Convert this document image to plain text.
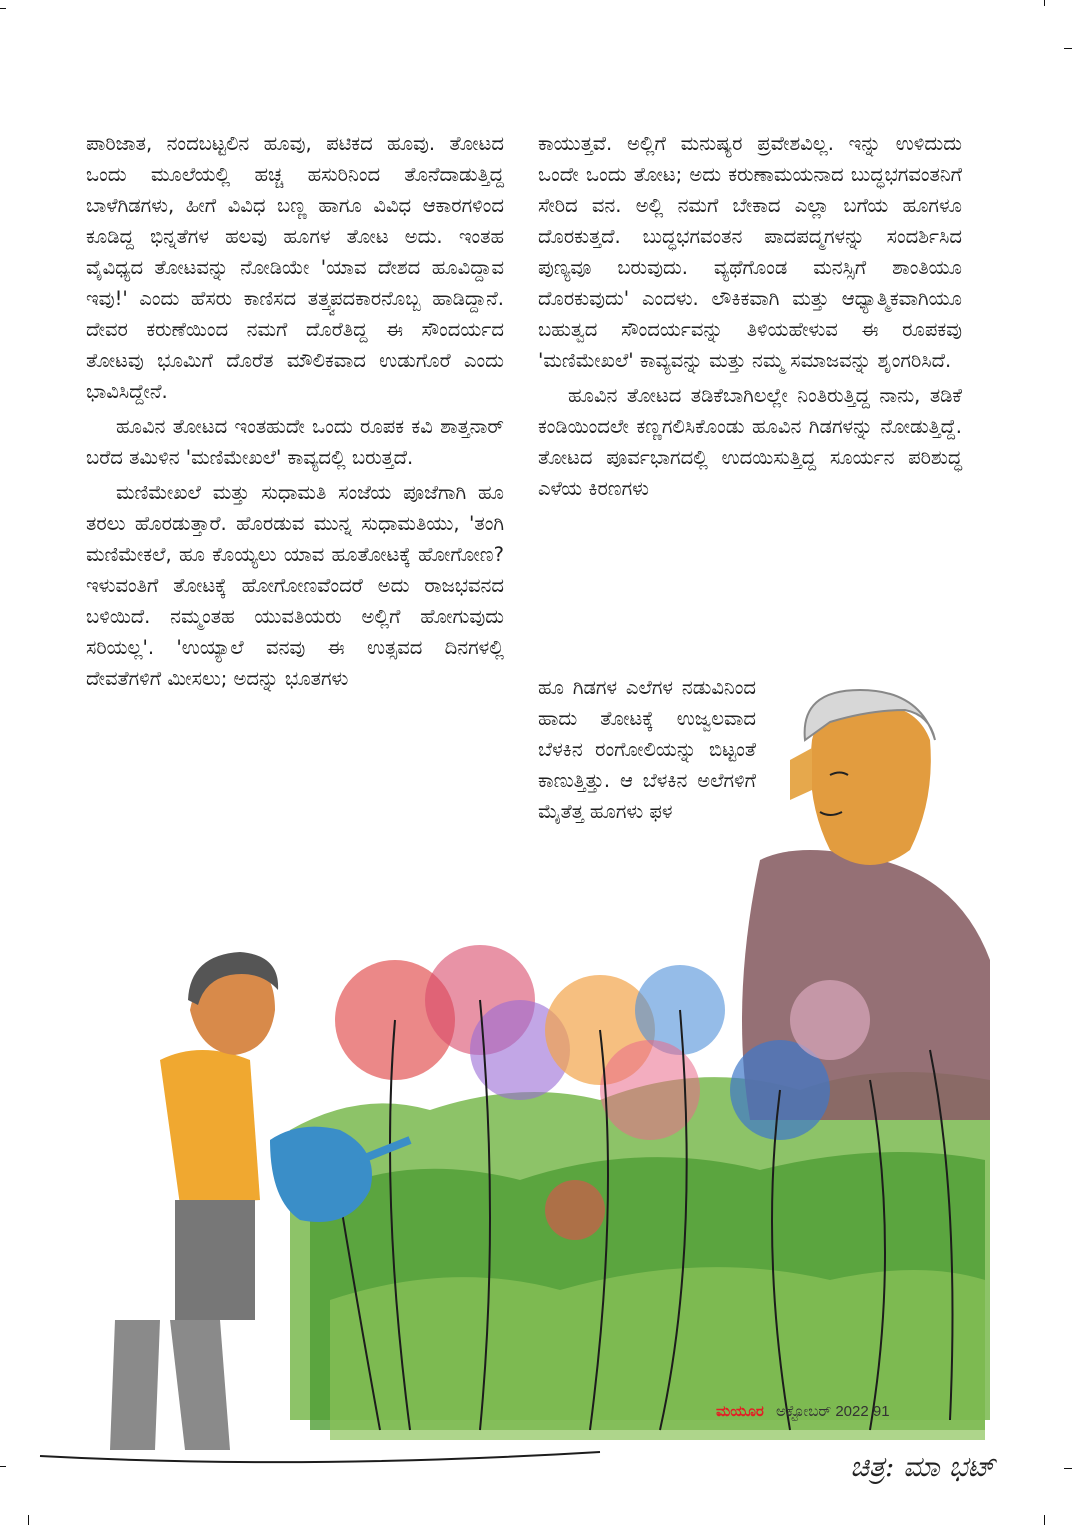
ಪಾರಿಜಾತ, ನಂದಬಟ್ಟಲಿನ ಹೂವು, ಪಟಿಕದ ಹೂವು. ತೋಟದ ಒಂದು ಮೂಲೆಯಲ್ಲಿ ಹಚ್ಚ ಹಸುರಿನಿಂದ ತೊನೆದಾಡುತ್ತಿದ್ದ ಬಾಳೆಗಿಡಗಳು, ಹೀಗೆ ವಿವಿಧ ಬಣ್ಣ ಹಾಗೂ ವಿವಿಧ ಆಕಾರಗಳಿಂದ ಕೂಡಿದ್ದ ಭಿನ್ನತೆಗಳ ಹಲವು ಹೂಗಳ ತೋಟ ಅದು. ಇಂತಹ ವೈವಿಧ್ಯದ ತೋಟವನ್ನು ನೋಡಿಯೇ 'ಯಾವ ದೇಶದ ಹೂವಿದ್ದಾವ ಇವು!' ಎಂದು ಹೆಸರು ಕಾಣಿಸದ ತತ್ತ್ವಪದಕಾರನೊಬ್ಬ ಹಾಡಿದ್ದಾನೆ. ದೇವರ ಕರುಣೆಯಿಂದ ನಮಗೆ ದೊರೆತಿದ್ದ ಈ ಸೌಂದರ್ಯದ ತೋಟವು ಭೂಮಿಗೆ ದೊರೆತ ಮೌಲಿಕವಾದ ಉಡುಗೊರೆ ಎಂದು ಭಾವಿಸಿದ್ದೇನೆ.

ಹೂವಿನ ತೋಟದ ಇಂತಹುದೇ ಒಂದು ರೂಪಕ ಕವಿ ಶಾತ್ತನಾರ್ ಬರೆದ ತಮಿಳಿನ 'ಮಣಿಮೇಖಲೆ' ಕಾವ್ಯದಲ್ಲಿ ಬರುತ್ತದೆ.

ಮಣಿಮೇಖಲೆ ಮತ್ತು ಸುಧಾಮತಿ ಸಂಜೆಯ ಪೂಜೆಗಾಗಿ ಹೂ ತರಲು ಹೊರಡುತ್ತಾರೆ. ಹೊರಡುವ ಮುನ್ನ ಸುಧಾಮತಿಯು, 'ತಂಗಿ ಮಣಿಮೇಕಲೆ, ಹೂ ಕೊಯ್ಯಲು ಯಾವ ಹೂತೋಟಕ್ಕೆ ಹೋಗೋಣ? ಇಳುವಂತಿಗೆ ತೋಟಕ್ಕೆ ಹೋಗೋಣವೆಂದರೆ ಅದು ರಾಜಭವನದ ಬಳಿಯಿದೆ. ನಮ್ಮಂತಹ ಯುವತಿಯರು ಅಲ್ಲಿಗೆ ಹೋಗುವುದು ಸರಿಯಲ್ಲ'. 'ಉಯ್ಯಾಲೆ ವನವು ಈ ಉತ್ಸವದ ದಿನಗಳಲ್ಲಿ ದೇವತೆಗಳಿಗೆ ಮೀಸಲು; ಅದನ್ನು ಭೂತಗಳು

ಕಾಯುತ್ತವೆ. ಅಲ್ಲಿಗೆ ಮನುಷ್ಯರ ಪ್ರವೇಶವಿಲ್ಲ. ಇನ್ನು ಉಳಿದುದು ಒಂದೇ ಒಂದು ತೋಟ; ಅದು ಕರುಣಾಮಯನಾದ ಬುದ್ಧಭಗವಂತನಿಗೆ ಸೇರಿದ ವನ. ಅಲ್ಲಿ ನಮಗೆ ಬೇಕಾದ ಎಲ್ಲಾ ಬಗೆಯ ಹೂಗಳೂ ದೊರಕುತ್ತದೆ. ಬುದ್ಧಭಗವಂತನ ಪಾದಪದ್ಮಗಳನ್ನು ಸಂದರ್ಶಿಸಿದ ಪುಣ್ಯವೂ ಬರುವುದು. ವ್ಯಥೆಗೊಂಡ ಮನಸ್ಸಿಗೆ ಶಾಂತಿಯೂ ದೊರಕುವುದು' ಎಂದಳು. ಲೌಕಿಕವಾಗಿ ಮತ್ತು ಆಧ್ಯಾತ್ಮಿಕವಾಗಿಯೂ ಬಹುತ್ವದ ಸೌಂದರ್ಯವನ್ನು ತಿಳಿಯಹೇಳುವ ಈ ರೂಪಕವು 'ಮಣಿಮೇಖಲೆ' ಕಾವ್ಯವನ್ನು ಮತ್ತು ನಮ್ಮ ಸಮಾಜವನ್ನು ಶೃಂಗರಿಸಿದೆ.

ಹೂವಿನ ತೋಟದ ತಡಿಕೆಬಾಗಿಲಲ್ಲೇ ನಿಂತಿರುತ್ತಿದ್ದ ನಾನು, ತಡಿಕೆ ಕಂಡಿಯಿಂದಲೇ ಕಣ್ಣಗಲಿಸಿಕೊಂಡು ಹೂವಿನ ಗಿಡಗಳನ್ನು ನೋಡುತ್ತಿದ್ದೆ. ತೋಟದ ಪೂರ್ವಭಾಗದಲ್ಲಿ ಉದಯಿಸುತ್ತಿದ್ದ ಸೂರ್ಯನ ಪರಿಶುದ್ಧ ಎಳೆಯ ಕಿರಣಗಳು

ಹೂ ಗಿಡಗಳ ಎಲೆಗಳ ನಡುವಿನಿಂದ ಹಾದು ತೋಟಕ್ಕೆ ಉಜ್ವಲವಾದ ಬೆಳಕಿನ ರಂಗೋಲಿಯನ್ನು ಬಿಟ್ಟಂತೆ ಕಾಣುತ್ತಿತ್ತು. ಆ ಬೆಳಕಿನ ಅಲೆಗಳಿಗೆ ಮೈತೆತ್ತ ಹೂಗಳು ಫಳ
ಮಯೂರ ಅಕ್ಟೋಬರ್ 2022 91
ಚಿತ್ರ: ಮಾ ಭಟ್
